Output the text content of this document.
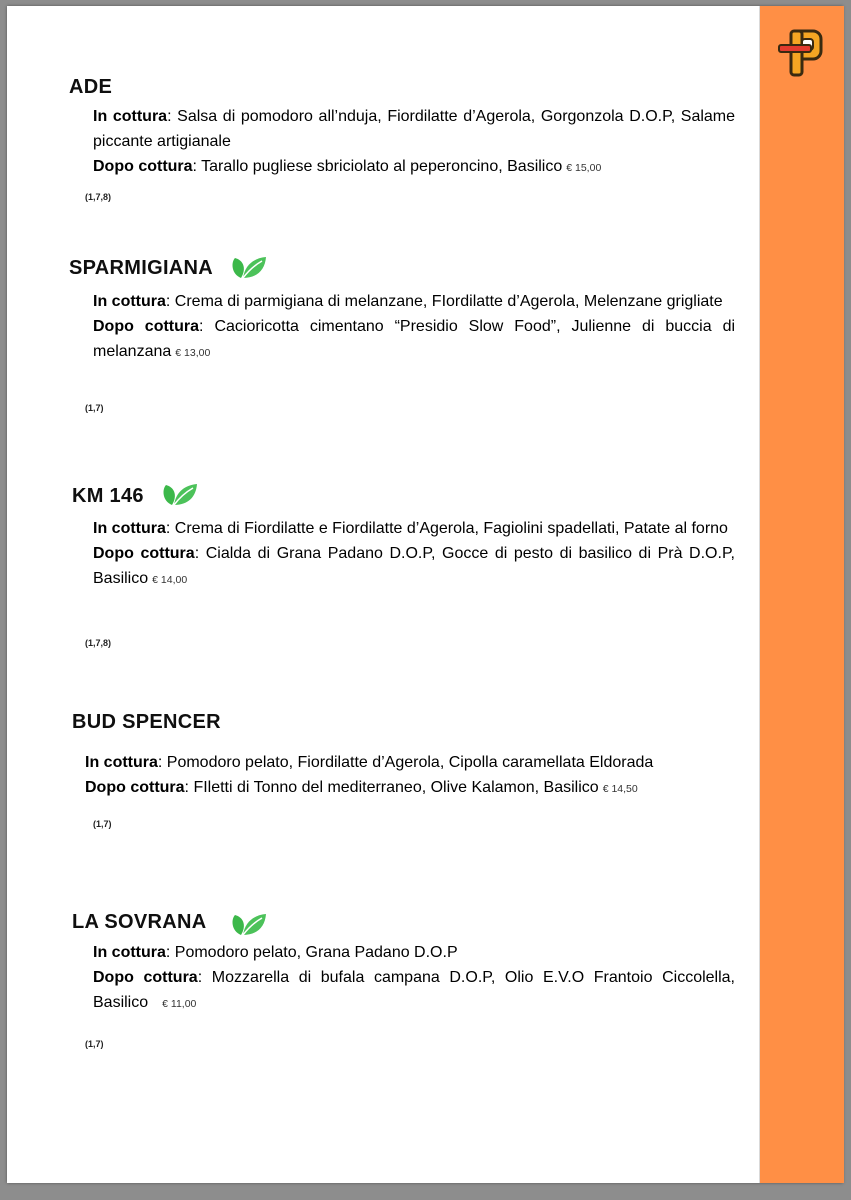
ADE

In cottura: Salsa di pomodoro all’nduja, Fiordilatte d’Agerola, Gorgonzola D.O.P, Salame piccante artigianale

Dopo cottura: Tarallo pugliese sbriciolato al peperoncino, Basilico € 15,00

(1,7,8)
SPARMIGIANA

In cottura: Crema di parmigiana di melanzane, FIordilatte d’Agerola, Melenzane grigliate

Dopo cottura: Cacioricotta cimentano “Presidio Slow Food”, Julienne di buccia di melanzana € 13,00

(1,7)
KM 146

In cottura: Crema di Fiordilatte e Fiordilatte d’Agerola, Fagiolini spadellati, Patate al forno

Dopo cottura: Cialda di Grana Padano D.O.P, Gocce di pesto di basilico di Prà D.O.P, Basilico € 14,00

(1,7,8)
BUD SPENCER

In cottura: Pomodoro pelato, Fiordilatte d’Agerola, Cipolla caramellata Eldorada

Dopo cottura: FIletti di Tonno del mediterraneo, Olive Kalamon, Basilico € 14,50

(1,7)
LA SOVRANA

In cottura: Pomodoro pelato, Grana Padano D.O.P

Dopo cottura: Mozzarella di bufala campana D.O.P, Olio E.V.O Frantoio Ciccolella, Basilico € 11,00

(1,7)
